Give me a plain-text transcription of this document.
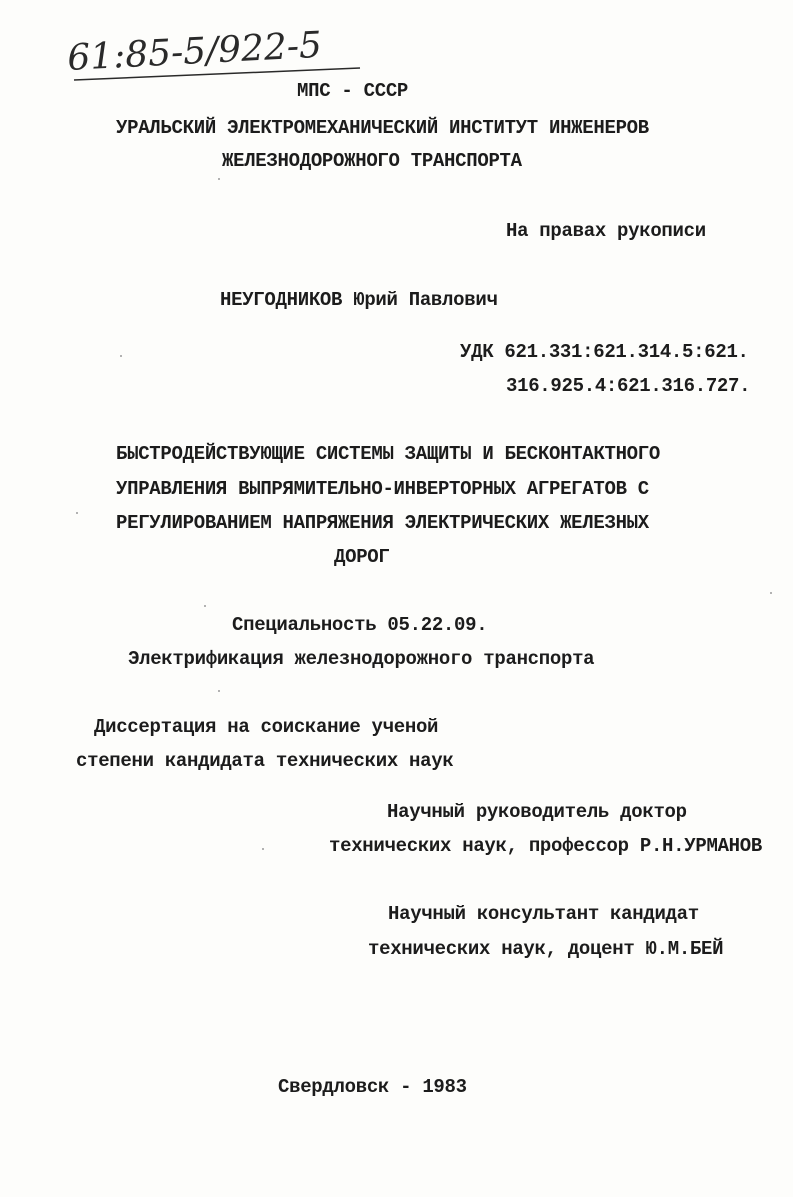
61:85-5/922-5
МПС - СССР
УРАЛЬСКИЙ ЭЛЕКТРОМЕХАНИЧЕСКИЙ ИНСТИТУТ ИНЖЕНЕРОВ
ЖЕЛЕЗНОДОРОЖНОГО ТРАНСПОРТА
На правах рукописи
НЕУГОДНИКОВ Юрий Павлович
УДК 621.331:621.314.5:621.
316.925.4:621.316.727.
БЫСТРОДЕЙСТВУЮЩИЕ СИСТЕМЫ ЗАЩИТЫ И БЕСКОНТАКТНОГО
УПРАВЛЕНИЯ ВЫПРЯМИТЕЛЬНО-ИНВЕРТОРНЫХ АГРЕГАТОВ С
РЕГУЛИРОВАНИЕМ НАПРЯЖЕНИЯ ЭЛЕКТРИЧЕСКИХ ЖЕЛЕЗНЫХ
ДОРОГ
Специальность 05.22.09.
Электрификация железнодорожного транспорта
Диссертация на соискание ученой
степени кандидата технических наук
Научный руководитель доктор
технических наук, профессор Р.Н.УРМАНОВ
Научный консультант кандидат
технических наук, доцент Ю.М.БЕЙ
Свердловск - 1983
